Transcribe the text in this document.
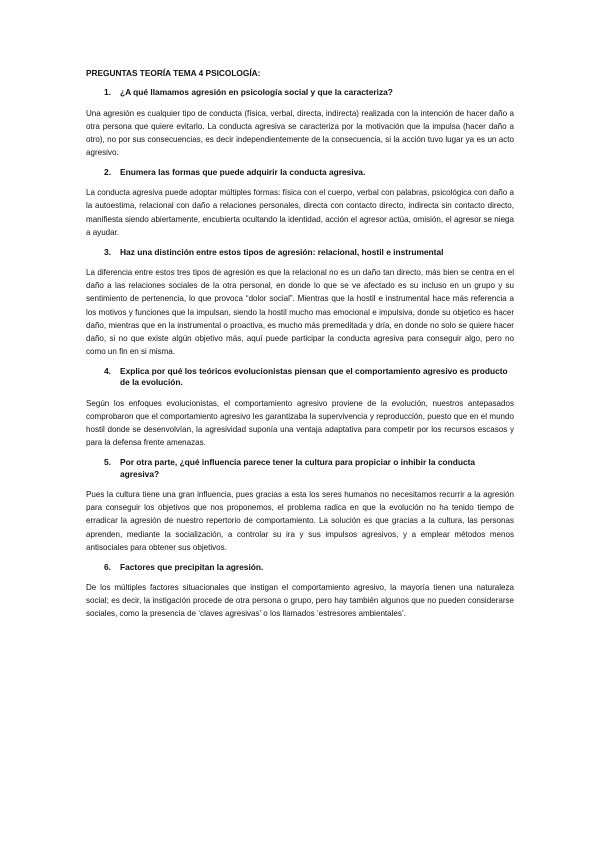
PREGUNTAS TEORÍA TEMA 4 PSICOLOGÍA:
1.	¿A qué llamamos agresión en psicología social y que la caracteriza?

Una agresión es cualquier tipo de conducta (física, verbal, directa, indirecta) realizada con la intención de hacer daño a otra persona que quiere evitarlo. La conducta agresiva se caracteriza por la motivación que la impulsa (hacer daño a otro), no por sus consecuencias, es decir independientemente de la consecuencia, si la acción tuvo lugar ya es un acto agresivo.

2.	Enumera las formas que puede adquirir la conducta agresiva.

La conducta agresiva puede adoptar múltiples formas: física con el cuerpo, verbal con palabras, psicológica con daño a la autoestima, relacional con daño a relaciones personales, directa con contacto directo, indirecta sin contacto directo, manifiesta siendo abiertamente, encubierta ocultando la identidad, acción el agresor actúa, omisión, el agresor se niega a ayudar.

3.	Haz una distinción entre estos tipos de agresión: relacional, hostil e instrumental

La diferencia entre estos tres tipos de agresión es que la relacional no es un daño tan directo, más bien se centra en el daño a las relaciones sociales de la otra personal, en donde lo que se ve afectado es su incluso en un grupo y su sentimiento de pertenencia, lo que provoca “dolor social”. Mientras que la hostil e instrumental hace más referencia a los motivos y funciones que la impulsan, siendo la hostil mucho mas emocional e impulsiva, donde su objetico es hacer daño, mientras que en la instrumental o proactiva, es mucho más premeditada y dría, en donde no solo se quiere hacer daño, si no que existe algún objetivo más, aquí puede participar la conducta agresiva para conseguir algo, pero no como un fin en si misma.

4.	Explica por qué los teóricos evolucionistas piensan que el comportamiento agresivo es producto de la evolución.

Según los enfoques evolucionistas, el comportamiento agresivo proviene de la evolución, nuestros antepasados comprobaron que el comportamiento agresivo les garantizaba la supervivencia y reproducción, puesto que en el mundo hostil donde se desenvolvían, la agresividad suponía una ventaja adaptativa para competir por los recursos escasos y para la defensa frente amenazas.

5.	Por otra parte, ¿qué influencia parece tener la cultura para propiciar o inhibir la conducta agresiva?

Pues la cultura tiene una gran influencia, pues gracias a esta los seres humanos no necesitamos recurrir a la agresión para conseguir los objetivos que nos proponemos, el problema radica en que la evolución no ha tenido tiempo de erradicar la agresión de nuestro repertorio de comportamiento. La solución es que gracias a la cultura, las personas aprenden, mediante la socialización, a controlar su ira y sus impulsos agresivos, y a emplear métodos menos antisociales para obtener sus objetivos.

6.	Factores que precipitan la agresión.

De los múltiples factores situacionales que instigan el comportamiento agresivo, la mayoría tienen una naturaleza social; es decir, la instigación procede de otra persona o grupo, pero hay también algunos que no pueden considerarse sociales, como la presencia de ‘claves agresivas’ o los llamados ‘estresores ambientales’.
